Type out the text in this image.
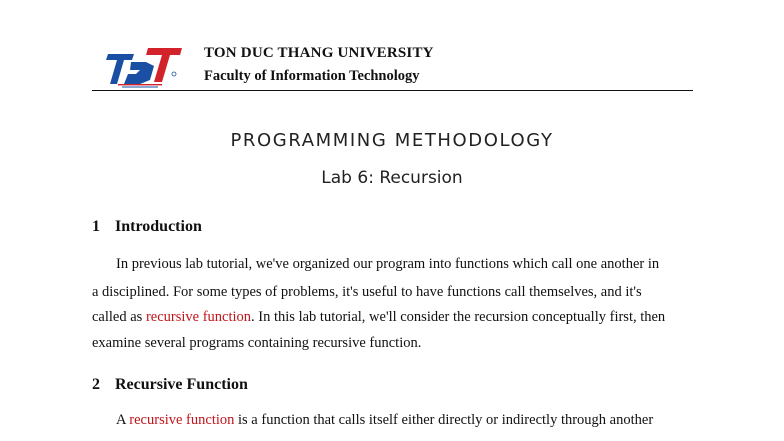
TON DUC THANG UNIVERSITY
Faculty of Information Technology
PROGRAMMING METHODOLOGY
Lab 6: Recursion
1 Introduction
In previous lab tutorial, we've organized our program into functions which call one another in
a disciplined. For some types of problems, it's useful to have functions call themselves, and it's
called as recursive function. In this lab tutorial, we'll consider the recursion conceptually first, then
examine several programs containing recursive function.
2 Recursive Function
A recursive function is a function that calls itself either directly or indirectly through another
